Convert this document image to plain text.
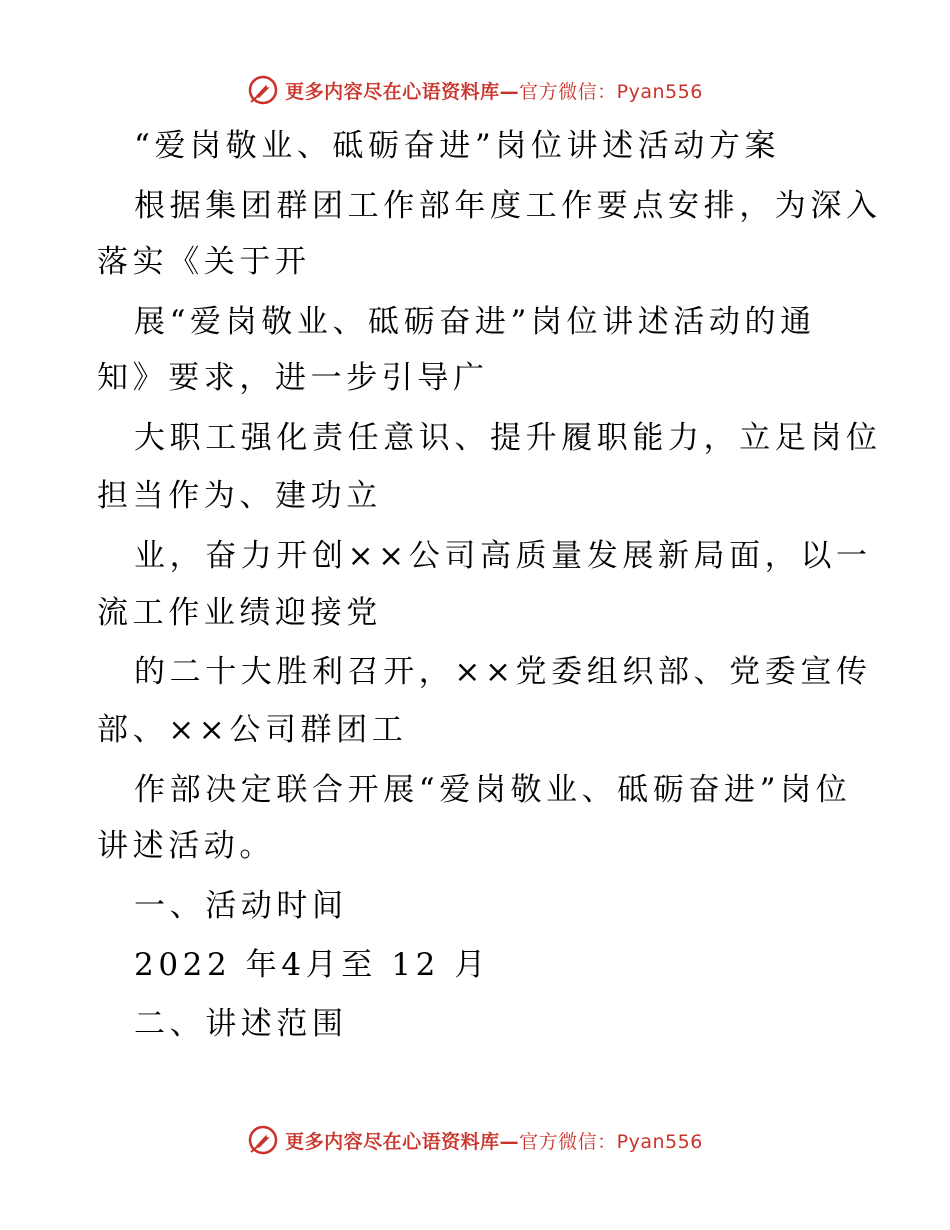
更多内容尽在心语资料库—官方微信：Pyan556
“爱岗敬业、砥砺奋进”岗位讲述活动方案
根据集团群团工作部年度工作要点安排，为深入
落实《关于开
展“爱岗敬业、砥砺奋进”岗位讲述活动的通
知》要求，进一步引导广
大职工强化责任意识、提升履职能力，立足岗位
担当作为、建功立
业，奋力开创××公司高质量发展新局面，以一
流工作业绩迎接党
的二十大胜利召开，××党委组织部、党委宣传
部、××公司群团工
作部决定联合开展“爱岗敬业、砥砺奋进”岗位
讲述活动。
一、活动时间
2022 年4月至 12 月
二、讲述范围
更多内容尽在心语资料库—官方微信：Pyan556
